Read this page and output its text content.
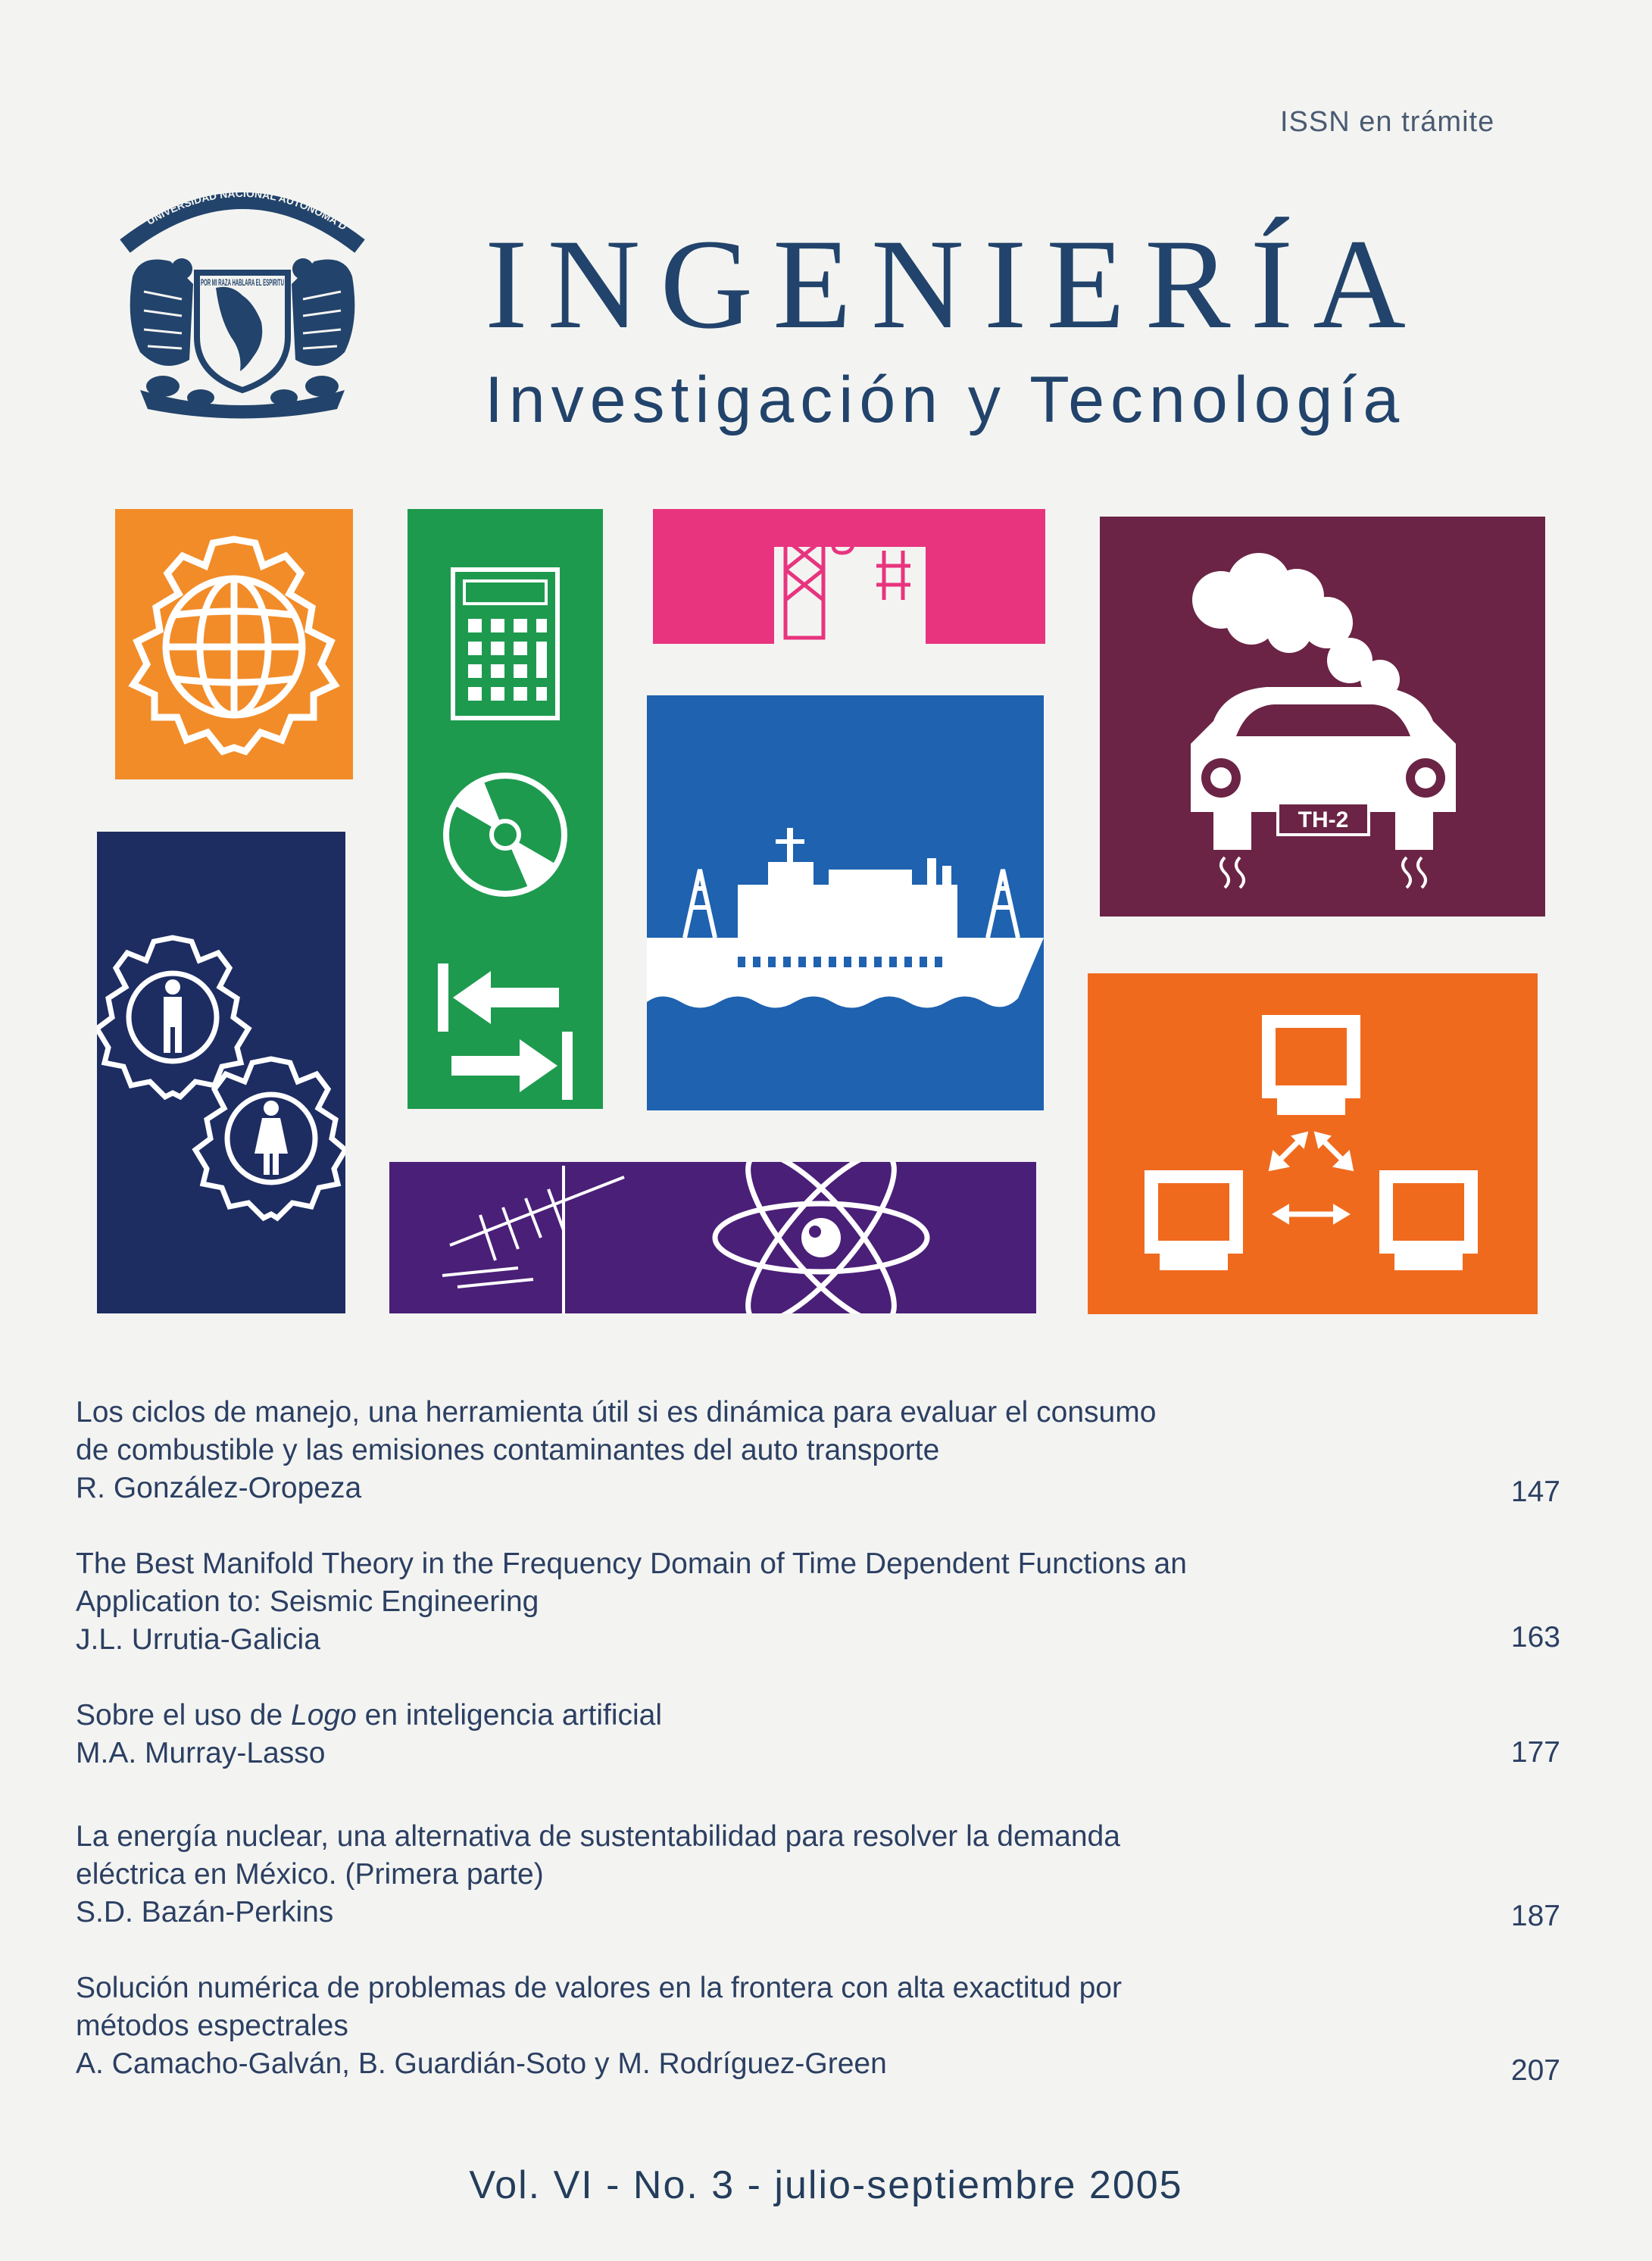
ISSN en trámite
UNIVERSIDAD NACIONAL AUTONOMA D
POR MI RAZA HABLARA EL ESPIRITU INGENIERÍA
Investigación y Tecnología
TH-2
Los ciclos de manejo, una herramienta útil si es dinámica para evaluar el consumo
de combustible y las emisiones contaminantes del auto transporte
R. González-Oropeza	147
The Best Manifold Theory in the Frequency Domain of Time Dependent Functions an
Application to: Seismic Engineering
J.L. Urrutia-Galicia	163
Sobre el uso de Logo en inteligencia artificial
M.A. Murray-Lasso	177
La energía nuclear, una alternativa de sustentabilidad para resolver la demanda
eléctrica en México. (Primera parte)
S.D. Bazán-Perkins	187
Solución numérica de problemas de valores en la frontera con alta exactitud por
métodos espectrales
A. Camacho-Galván, B. Guardián-Soto y M. Rodríguez-Green	207
Vol. VI - No. 3 - julio-septiembre 2005
